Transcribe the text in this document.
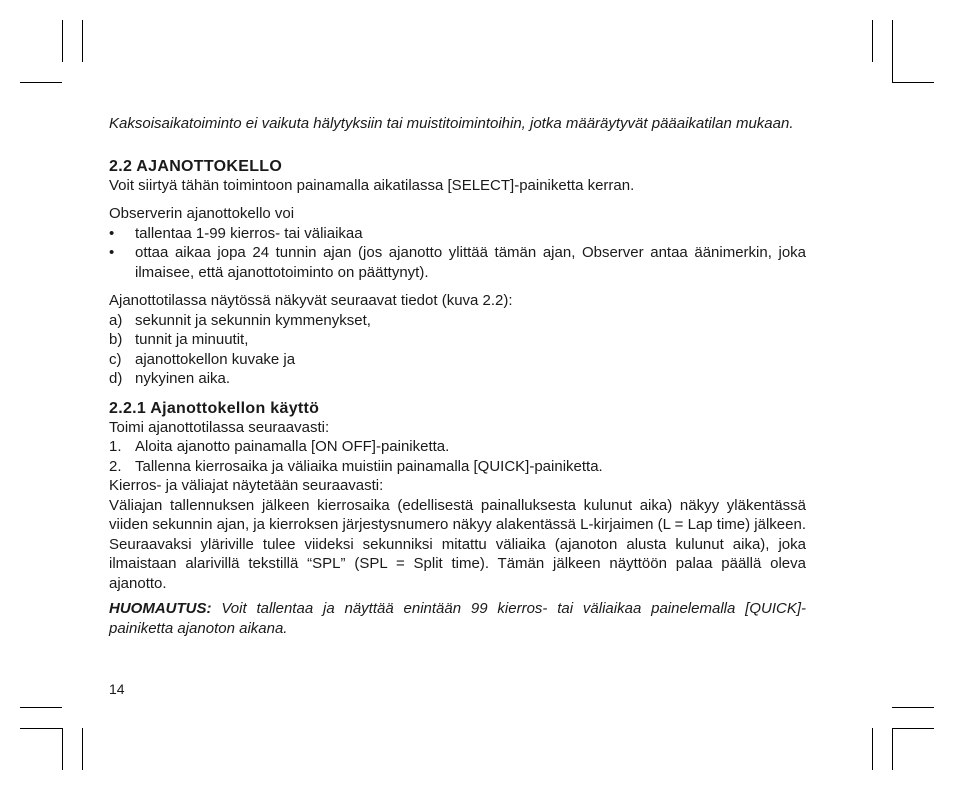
Kaksoisaikatoiminto ei vaikuta hälytyksiin tai muistitoimintoihin, jotka määräytyvät pääaikatilan mukaan.
2.2 AJANOTTOKELLO
Voit siirtyä tähän toimintoon painamalla aikatilassa [SELECT]-painiketta kerran.
Observerin ajanottokello voi
•	tallentaa 1-99 kierros- tai väliaikaa
•	ottaa aikaa jopa 24 tunnin ajan (jos ajanotto ylittää tämän ajan, Observer antaa äänimerkin, joka ilmaisee, että ajanottotoiminto on päättynyt).
Ajanottotilassa näytössä näkyvät seuraavat tiedot (kuva 2.2):
a) sekunnit ja sekunnin kymmenykset,
b) tunnit ja minuutit,
c) ajanottokellon kuvake ja
d) nykyinen aika.
2.2.1 Ajanottokellon käyttö
Toimi ajanottotilassa seuraavasti:
1. Aloita ajanotto painamalla [ON OFF]-painiketta.
2. Tallenna kierrosaika ja väliaika muistiin painamalla [QUICK]-painiketta.
Kierros- ja väliajat näytetään seuraavasti:
Väliajan tallennuksen jälkeen kierrosaika (edellisestä painalluksesta kulunut aika) näkyy yläkentässä viiden sekunnin ajan, ja kierroksen järjestysnumero näkyy alakentässä L-kirjaimen (L = Lap time) jälkeen. Seuraavaksi yläriville tulee viideksi sekunniksi mitattu väliaika (ajanoton alusta kulunut aika), joka ilmaistaan alarivillä tekstillä “SPL” (SPL = Split time). Tämän jälkeen näyttöön palaa päällä oleva ajanotto.
HUOMAUTUS: Voit tallentaa ja näyttää enintään 99 kierros- tai väliaikaa painelemalla [QUICK]-painiketta ajanoton aikana.
14
